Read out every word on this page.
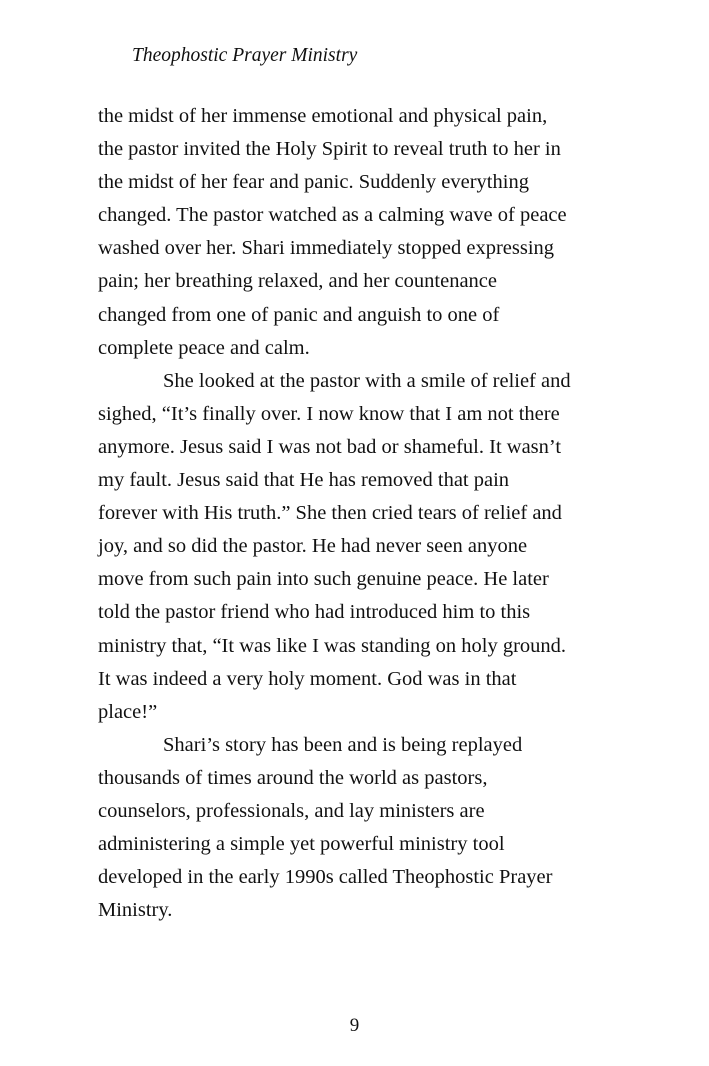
Theophostic Prayer Ministry
the midst of her immense emotional and physical pain,
the pastor invited the Holy Spirit to reveal truth to her in
the midst of her fear and panic. Suddenly everything
changed. The pastor watched as a calming wave of peace
washed over her. Shari immediately stopped expressing
pain; her breathing relaxed, and her countenance
changed from one of panic and anguish to one of
complete peace and calm.
She looked at the pastor with a smile of relief and
sighed, “It’s finally over. I now know that I am not there
anymore. Jesus said I was not bad or shameful. It wasn’t
my fault. Jesus said that He has removed that pain
forever with His truth.” She then cried tears of relief and
joy, and so did the pastor. He had never seen anyone
move from such pain into such genuine peace. He later
told the pastor friend who had introduced him to this
ministry that, “It was like I was standing on holy ground.
It was indeed a very holy moment. God was in that
place!”
Shari’s story has been and is being replayed
thousands of times around the world as pastors,
counselors, professionals, and lay ministers are
administering a simple yet powerful ministry tool
developed in the early 1990s called Theophostic Prayer
Ministry.
9
